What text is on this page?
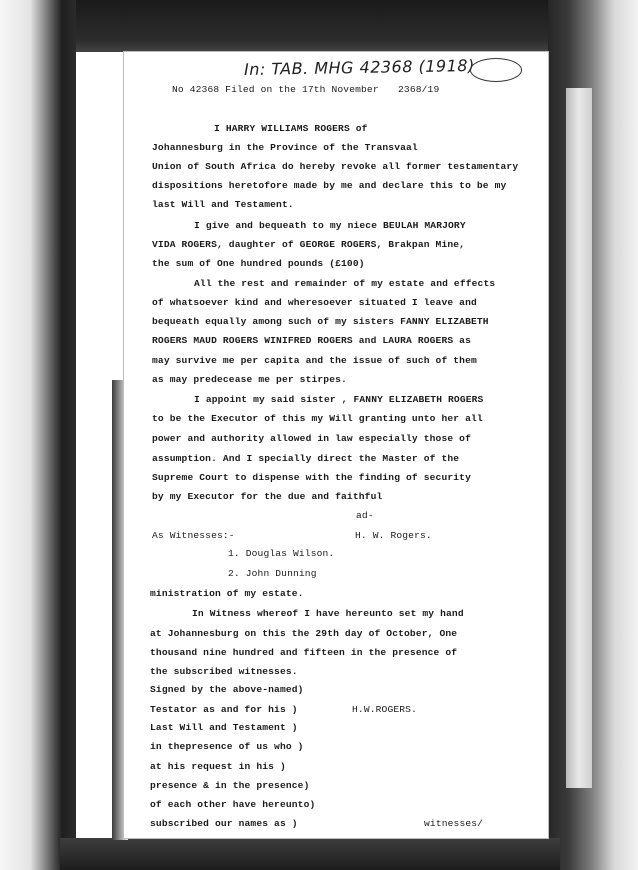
In: TAB. MHG 42368 (1918)
No 42368 Filed on the 17th November 2368/19
I HARRY WILLIAMS ROGERS of
Johannesburg in the Province of the Transvaal
Union of South Africa do hereby revoke all former testamentary
dispositions heretofore made by me and declare this to be my
last Will and Testament.
I give and bequeath to my niece BEULAH MARJORY
VIDA ROGERS, daughter of GEORGE ROGERS, Brakpan Mine,
the sum of One hundred pounds (£100)
All the rest and remainder of my estate and effects
of whatsoever kind and wheresoever situated I leave and
bequeath equally among such of my sisters FANNY ELIZABETH
ROGERS MAUD ROGERS WINIFRED ROGERS and LAURA ROGERS as
may survive me per capita and the issue of such of them
as may predecease me per stirpes.
I appoint my said sister , FANNY ELIZABETH ROGERS
to be the Executor of this my Will granting unto her all
power and authority allowed in law especially those of
assumption. And I specially direct the Master of the
Supreme Court to dispense with the finding of security
by my Executor for the due and faithful
ad-
As Witnesses:-	H. W. Rogers.
1. Douglas Wilson.
2. John Dunning
ministration of my estate.
In Witness whereof I have hereunto set my hand
at Johannesburg on this the 29th day of October, One
thousand nine hundred and fifteen in the presence of
the subscribed witnesses.
Signed by the above-named)
Testator as and for his )	H.W.ROGERS.
Last Will and Testament )
in thepresence of us who )
at his request in his )
presence & in the presence)
of each other have hereunto)
subscribed our names as )	witnesses/
